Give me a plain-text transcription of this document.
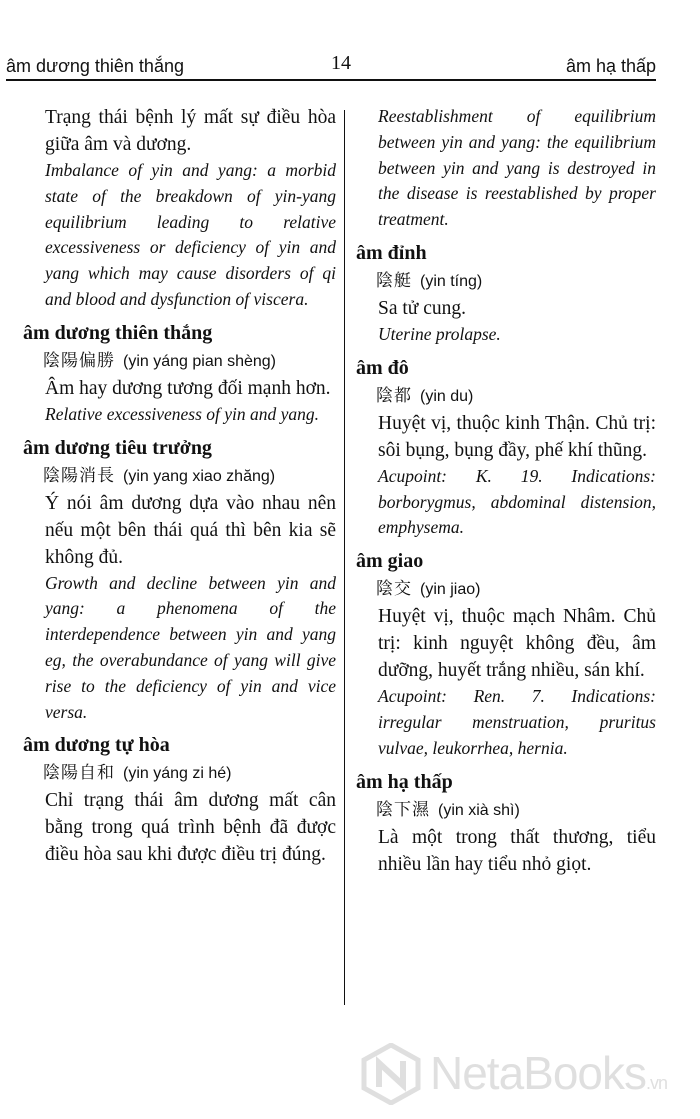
âm dương thiên thắng	14	âm hạ thấp
Trạng thái bệnh lý mất sự điều hòa giữa âm và dương.
Imbalance of yin and yang: a morbid state of the breakdown of yin-yang equilibrium leading to relative excessiveness or deficiency of yin and yang which may cause disorders of qi and blood and dysfunction of viscera.
âm dương thiên thắng
陰陽偏勝 (yin yáng pian shèng)
Âm hay dương tương đối mạnh hơn.
Relative excessiveness of yin and yang.
âm dương tiêu trưởng
陰陽消長 (yin yang xiao zhăng)
Ý nói âm dương dựa vào nhau nên nếu một bên thái quá thì bên kia sẽ không đủ.
Growth and decline between yin and yang: a phenomena of the interdependence between yin and yang eg, the overabundance of yang will give rise to the deficiency of yin and vice versa.
âm dương tự hòa
陰陽自和 (yin yáng zi hé)
Chỉ trạng thái âm dương mất cân bằng trong quá trình bệnh đã được điều hòa sau khi được điều trị đúng.
Reestablishment of equilibrium between yin and yang: the equilibrium between yin and yang is destroyed in the disease is reestablished by proper treatment.
âm đỉnh
陰艇 (yin tíng)
Sa tử cung.
Uterine prolapse.
âm đô
陰都 (yin du)
Huyệt vị, thuộc kinh Thận. Chủ trị: sôi bụng, bụng đầy, phế khí thũng.
Acupoint: K. 19. Indications: borborygmus, abdominal distension, emphysema.
âm giao
陰交 (yin jiao)
Huyệt vị, thuộc mạch Nhâm. Chủ trị: kinh nguyệt không đều, âm dưỡng, huyết trắng nhiều, sán khí.
Acupoint: Ren. 7. Indications: irregular menstruation, pruritus vulvae, leukorrhea, hernia.
âm hạ thấp
陰下濕 (yin xià shì)
Là một trong thất thương, tiểu nhiều lần hay tiểu nhỏ giọt.
NetaBooks.vn
